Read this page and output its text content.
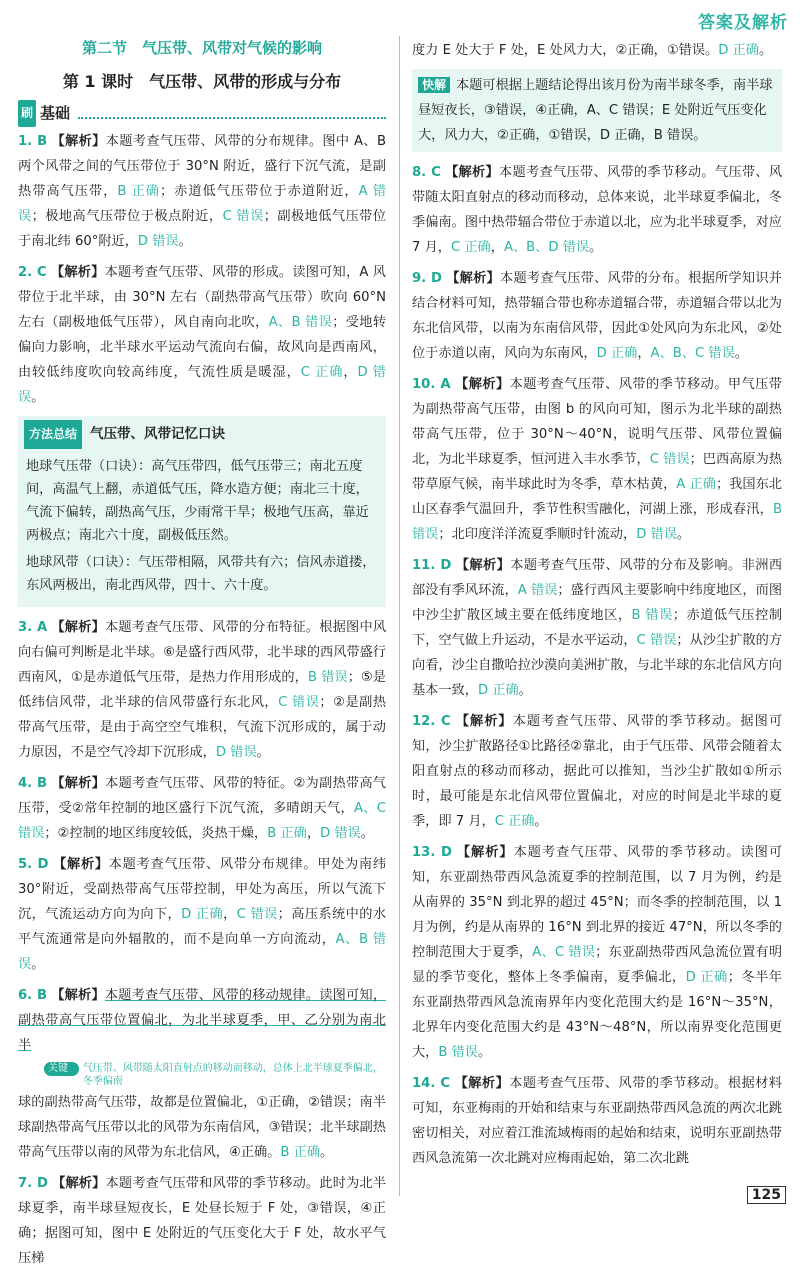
答案及解析
第二节　气压带、风带对气候的影响
第 1 课时　气压带、风带的形成与分布
刷 基础
1. B 【解析】本题考查气压带、风带的分布规律。图中 A、B 两个风带之间的气压带位于 30°N 附近，盛行下沉气流，是副热带高气压带，B 正确；赤道低气压带位于赤道附近，A 错误；极地高气压带位于极点附近，C 错误；副极地低气压带位于南北纬 60°附近，D 错误。
2. C 【解析】本题考查气压带、风带的形成。读图可知，A 风带位于北半球，由 30°N 左右（副热带高气压带）吹向 60°N 左右（副极地低气压带），风自南向北吹，A、B 错误；受地转偏向力影响，北半球水平运动气流向右偏，故风向是西南风，由较低纬度吹向较高纬度，气流性质是暖湿，C 正确，D 错误。
方法总结 气压带、风带记忆口诀
地球气压带（口诀）：高气压带四，低气压带三；南北五度间，高温气上翻，赤道低气压，降水造方便；南北三十度，气流下偏转，副热高气压，少雨常干旱；极地气压高，靠近两极点；南北六十度，副极低压然。
地球风带（口诀）：气压带相隔，风带共有六；信风赤道搂，东风两极出，南北西风带，四十、六十度。
3. A 【解析】本题考查气压带、风带的分布特征。根据图中风向右偏可判断是北半球。⑥是盛行西风带，北半球的西风带盛行西南风，①是赤道低气压带，是热力作用形成的，B 错误；⑤是低纬信风带，北半球的信风带盛行东北风，C 错误；②是副热带高气压带，是由于高空空气堆积，气流下沉形成的，属于动力原因，不是空气冷却下沉形成，D 错误。
4. B 【解析】本题考查气压带、风带的特征。②为副热带高气压带，受②常年控制的地区盛行下沉气流，多晴朗天气，A、C 错误；②控制的地区纬度较低，炎热干燥，B 正确，D 错误。
5. D 【解析】本题考查气压带、风带分布规律。甲处为南纬 30°附近，受副热带高气压带控制，甲处为高压，所以气流下沉，气流运动方向为向下，D 正确，C 错误；高压系统中的水平气流通常是向外辐散的，而不是向单一方向流动，A、B 错误。
6. B 【解析】本题考查气压带、风带的移动规律。读图可知，副热带高气压带位置偏北，为北半球夏季，甲、乙分别为南北半
关键点
气压带、风带随太阳直射点的移动而移动，总体上北半球夏季偏北，冬季偏南
球的副热带高气压带，故都是位置偏北，①正确，②错误；南半球副热带高气压带以北的风带为东南信风，③错误；北半球副热带高气压带以南的风带为东北信风，④正确。B 正确。
7. D 【解析】本题考查气压带和风带的季节移动。此时为北半球夏季，南半球昼短夜长，E 处昼长短于 F 处，③错误，④正确；据图可知，图中 E 处附近的气压变化大于 F 处，故水平气压梯
度力 E 处大于 F 处，E 处风力大，②正确，①错误。D 正确。
快解 本题可根据上题结论得出该月份为南半球冬季，南半球昼短夜长，③错误，④正确，A、C 错误；E 处附近气压变化大，风力大，②正确，①错误，D 正确，B 错误。
8. C 【解析】本题考查气压带、风带的季节移动。气压带、风带随太阳直射点的移动而移动，总体来说，北半球夏季偏北，冬季偏南。图中热带辐合带位于赤道以北，应为北半球夏季，对应 7 月，C 正确，A、B、D 错误。
9. D 【解析】本题考查气压带、风带的分布。根据所学知识并结合材料可知，热带辐合带也称赤道辐合带，赤道辐合带以北为东北信风带，以南为东南信风带，因此①处风向为东北风，②处位于赤道以南，风向为东南风，D 正确，A、B、C 错误。
10. A 【解析】本题考查气压带、风带的季节移动。甲气压带为副热带高气压带，由图 b 的风向可知，图示为北半球的副热带高气压带，位于 30°N～40°N，说明气压带、风带位置偏北，为北半球夏季，恒河进入丰水季节，C 错误；巴西高原为热带草原气候，南半球此时为冬季，草木枯黄，A 正确；我国东北山区春季气温回升，季节性积雪融化，河湖上涨，形成春汛，B 错误；北印度洋洋流夏季顺时针流动，D 错误。
11. D 【解析】本题考查气压带、风带的分布及影响。非洲西部没有季风环流，A 错误；盛行西风主要影响中纬度地区，而图中沙尘扩散区域主要在低纬度地区，B 错误；赤道低气压控制下，空气做上升运动，不是水平运动，C 错误；从沙尘扩散的方向看，沙尘自撒哈拉沙漠向美洲扩散，与北半球的东北信风方向基本一致，D 正确。
12. C 【解析】本题考查气压带、风带的季节移动。据图可知，沙尘扩散路径①比路径②靠北，由于气压带、风带会随着太阳直射点的移动而移动，据此可以推知，当沙尘扩散如①所示时，最可能是东北信风带位置偏北，对应的时间是北半球的夏季，即 7 月，C 正确。
13. D 【解析】本题考查气压带、风带的季节移动。读图可知，东亚副热带西风急流夏季的控制范围，以 7 月为例，约是从南界的 35°N 到北界的超过 45°N；而冬季的控制范围，以 1 月为例，约是从南界的 16°N 到北界的接近 47°N，所以冬季的控制范围大于夏季，A、C 错误；东亚副热带西风急流位置有明显的季节变化，整体上冬季偏南，夏季偏北，D 正确；冬半年东亚副热带西风急流南界年内变化范围大约是 16°N～35°N，北界年内变化范围大约是 43°N～48°N，所以南界变化范围更大，B 错误。
14. C 【解析】本题考查气压带、风带的季节移动。根据材料可知，东亚梅雨的开始和结束与东亚副热带西风急流的两次北跳密切相关，对应着江淮流域梅雨的起始和结束，说明东亚副热带西风急流第一次北跳对应梅雨起始，第二次北跳
125
